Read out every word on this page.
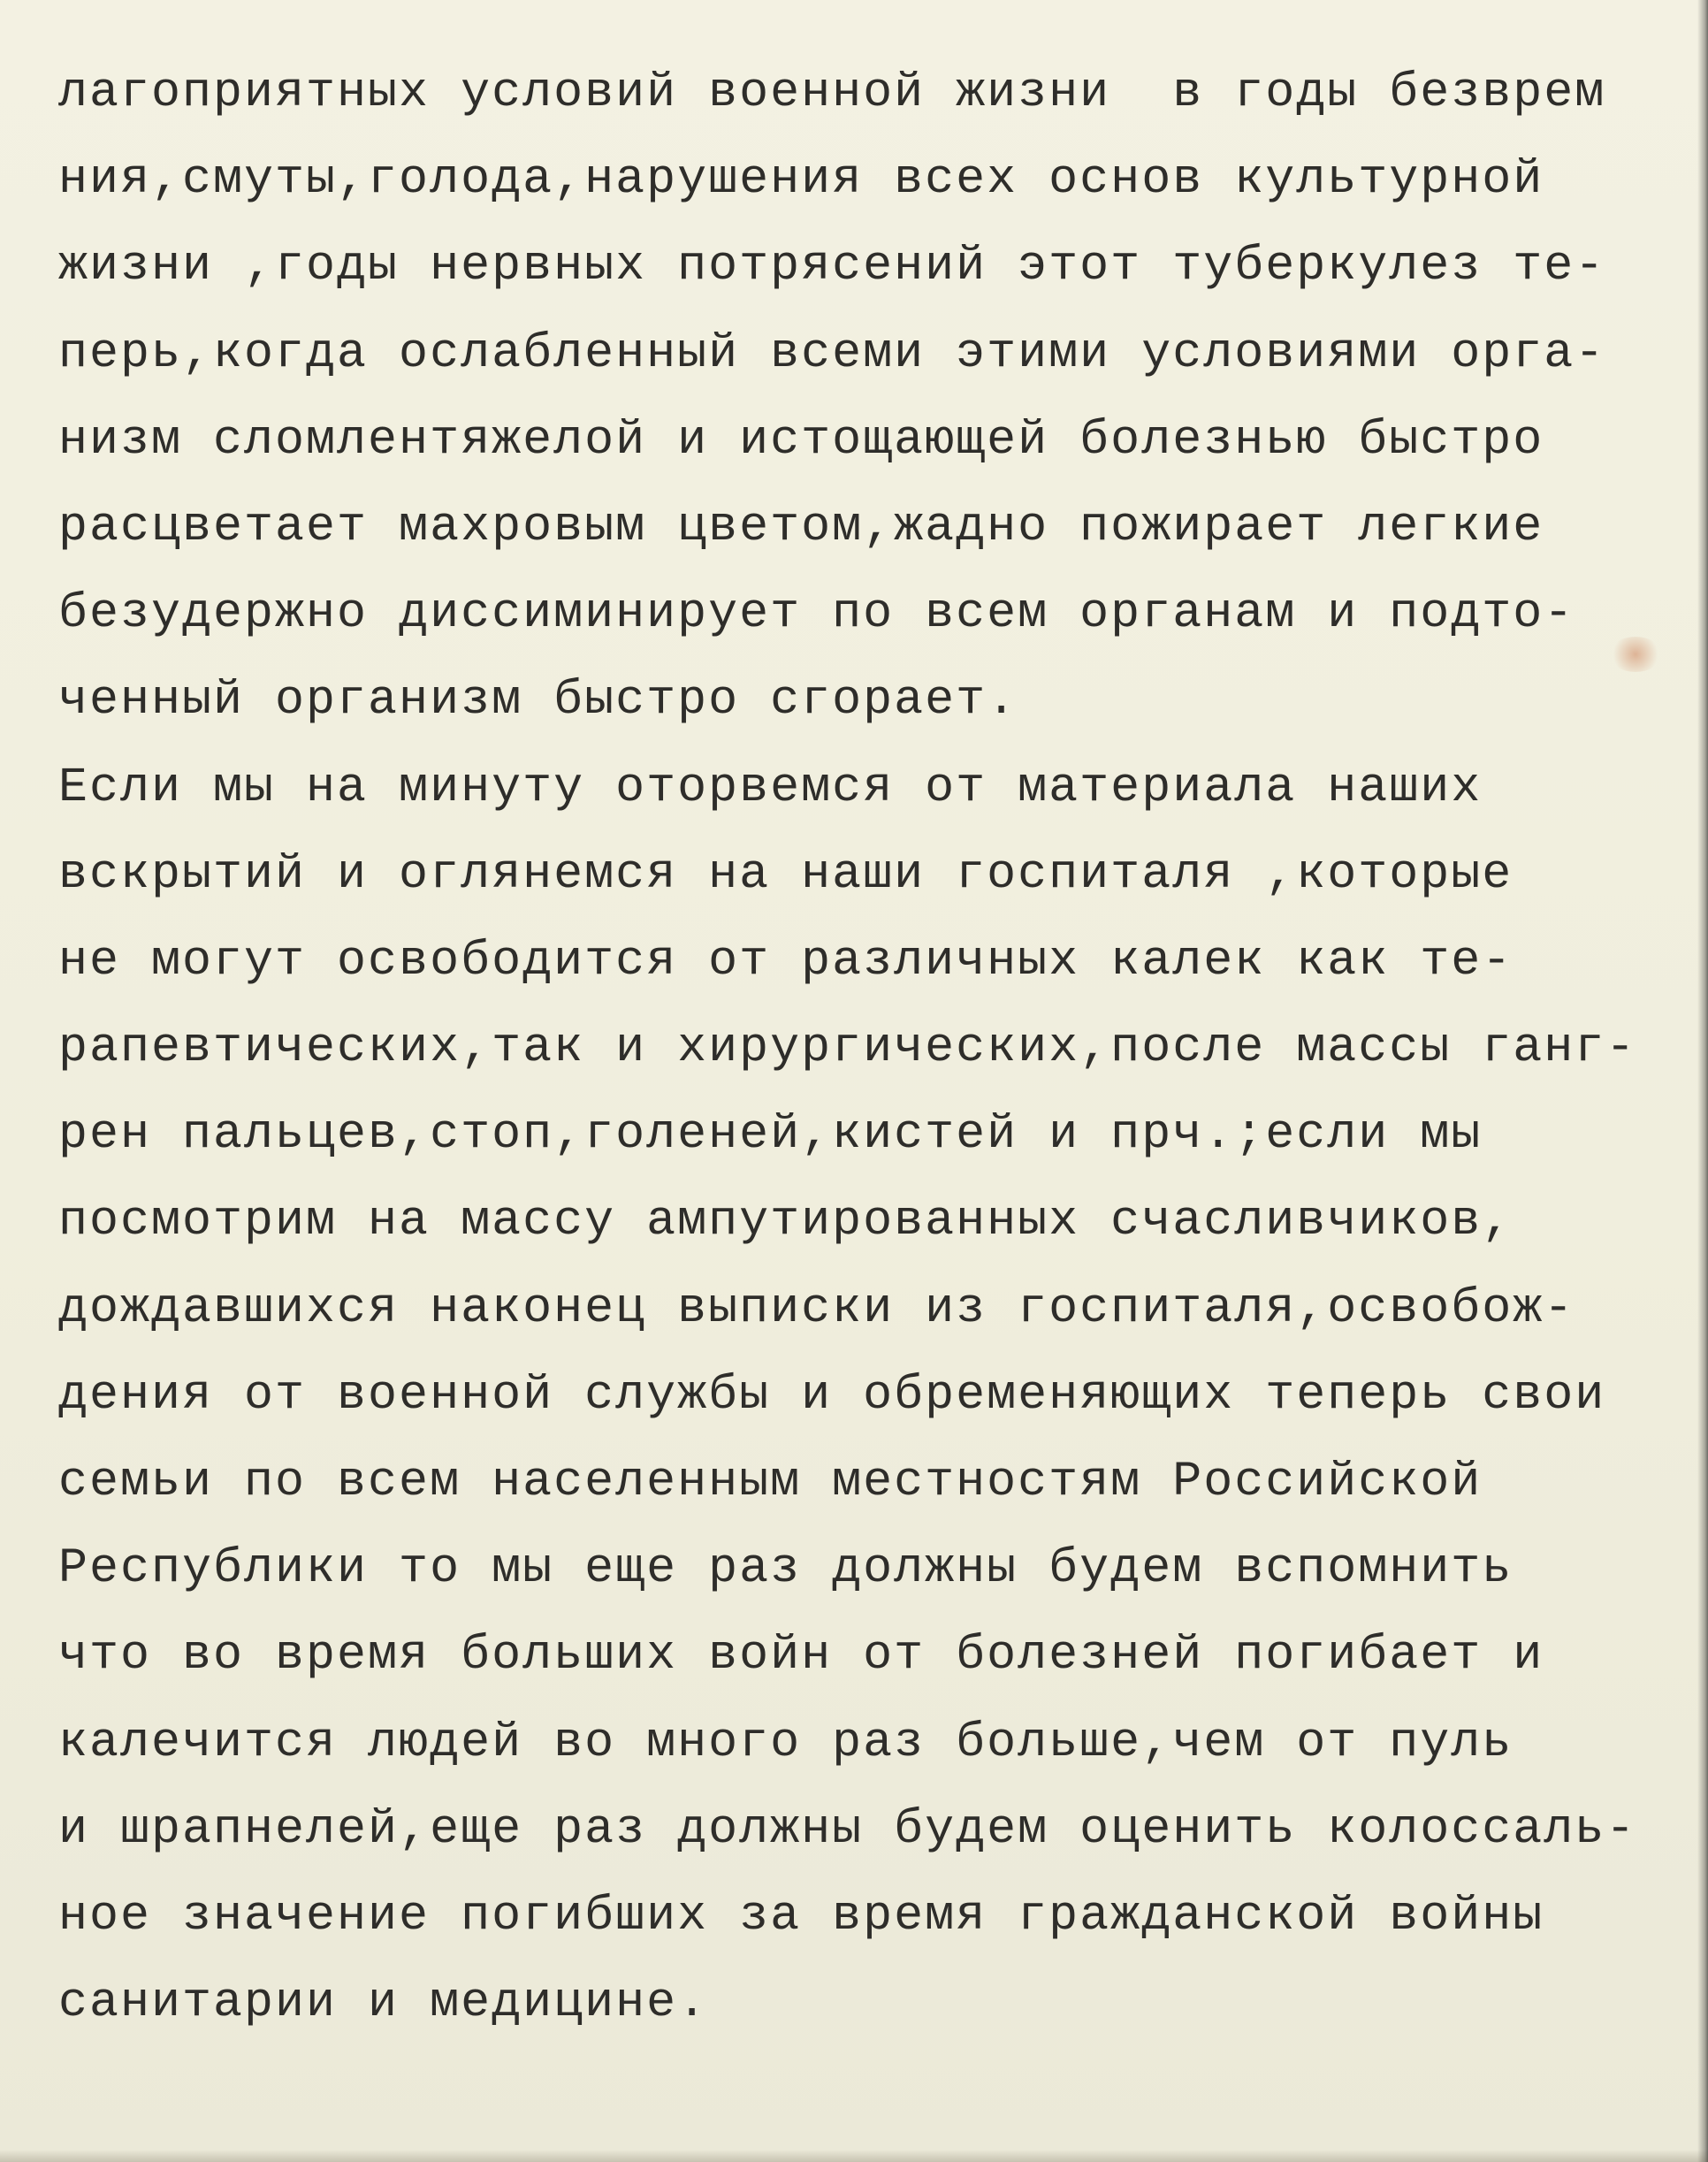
лагоприятных условий военной жизни  в годы безврем
ния,смуты,голода,нарушения всех основ культурной
жизни ,годы нервных потрясений этот туберкулез те-
перь,когда ослабленный всеми этими условиями орга-
низм сломлентяжелой и истощающей болезнью быстро
расцветает махровым цветом,жадно пожирает легкие
безудержно диссиминирует по всем органам и подто-
ченный организм быстро сгорает.
Если мы на минуту оторвемся от материала наших
вскрытий и оглянемся на наши госпиталя ,которые
не могут освободится от различных калек как те-
рапевтических,так и хирургических,после массы ганг-
рен пальцев,стоп,голеней,кистей и прч.;если мы
посмотрим на массу ампутированных счасливчиков,
дождавшихся наконец выписки из госпиталя,освобож-
дения от военной службы и обременяющих теперь свои
семьи по всем населенным местностям Российской
Республики то мы еще раз должны будем вспомнить
что во время больших войн от болезней погибает и
калечится людей во много раз больше,чем от пуль
и шрапнелей,еще раз должны будем оценить колоссаль-
ное значение погибших за время гражданской войны
санитарии и медицине.
